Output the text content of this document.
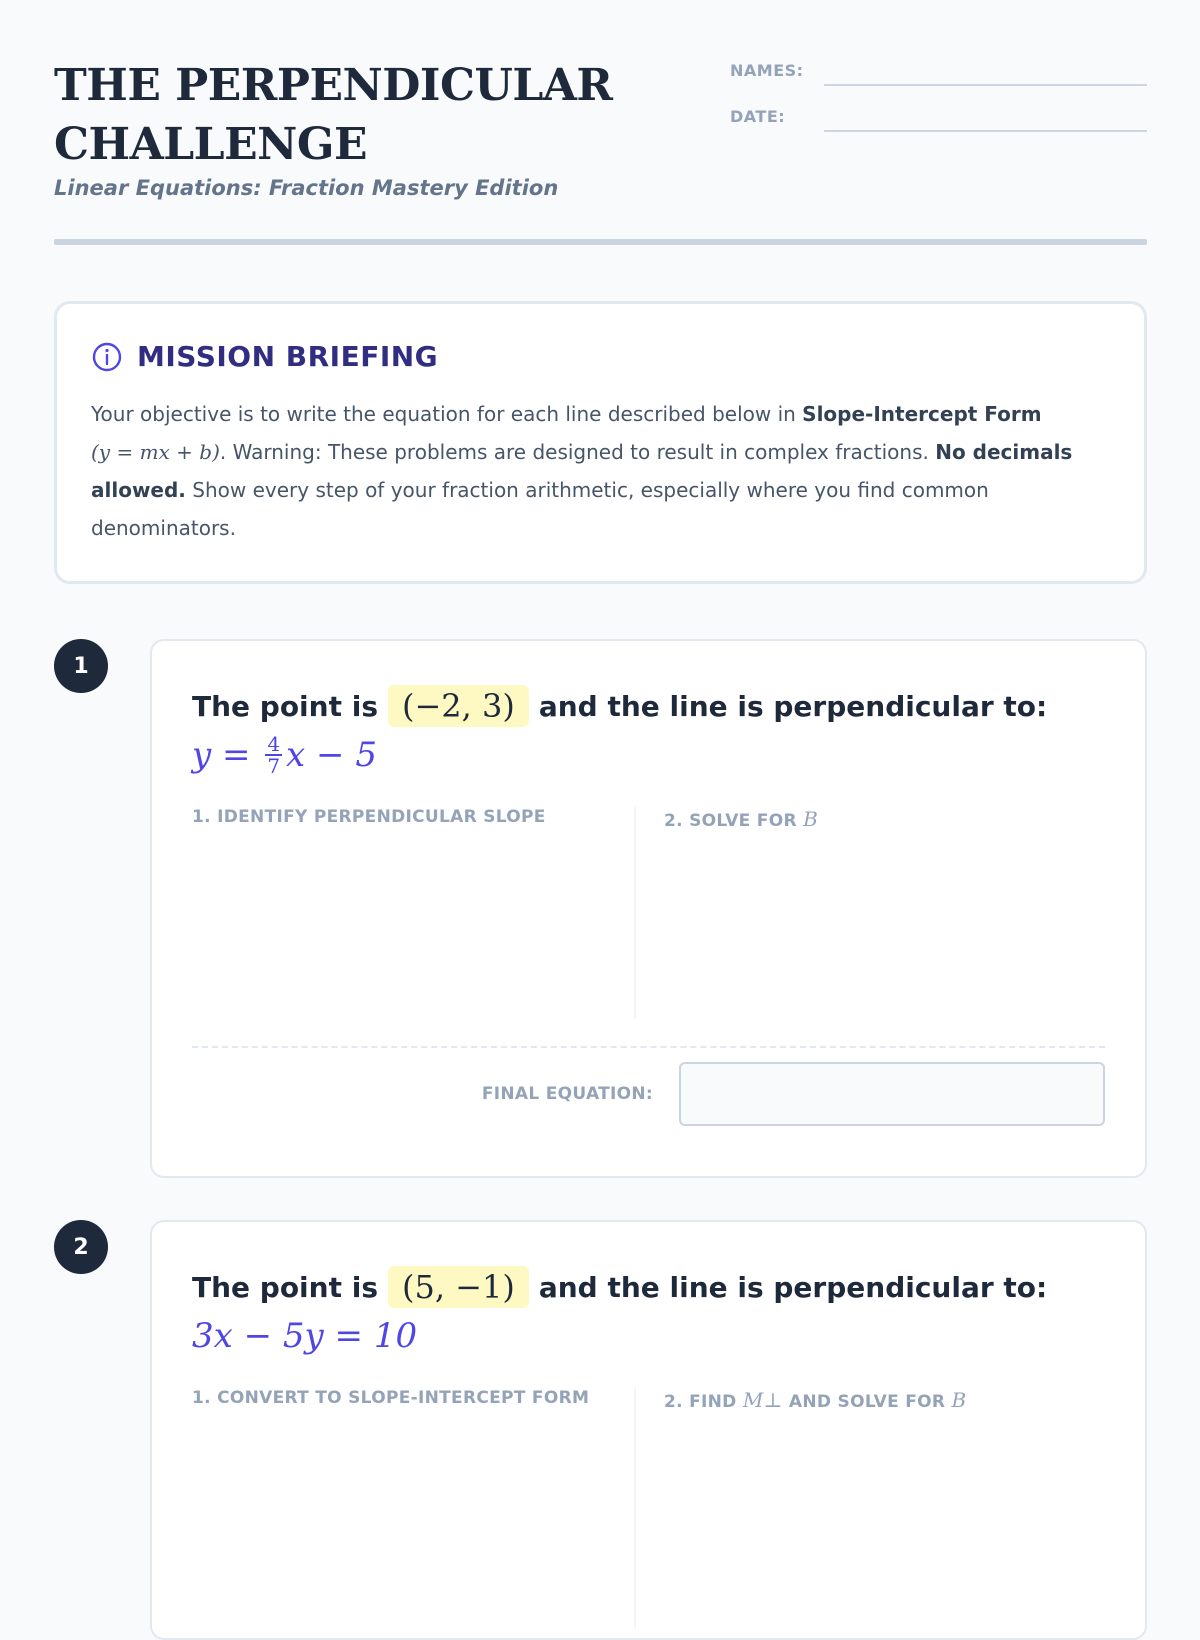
THE PERPENDICULAR CHALLENGE
Linear Equations: Fraction Mastery Edition
NAMES:
DATE:
MISSION BRIEFING
Your objective is to write the equation for each line described below in Slope-Intercept Form
(y = mx + b). Warning: These problems are designed to result in complex fractions. No decimals allowed. Show every step of your fraction arithmetic, especially where you find common denominators.
1
The point is (−2, 3) and the line is perpendicular to:
$y = \frac{4}{7}$ x − 5
1. IDENTIFY PERPENDICULAR SLOPE	2. SOLVE FOR B
FINAL EQUATION:
2
The point is (5, −1) and the line is perpendicular to:
3x − 5y = 10
1. CONVERT TO SLOPE-INTERCEPT FORM	2. FIND M⊥ AND SOLVE FOR B
